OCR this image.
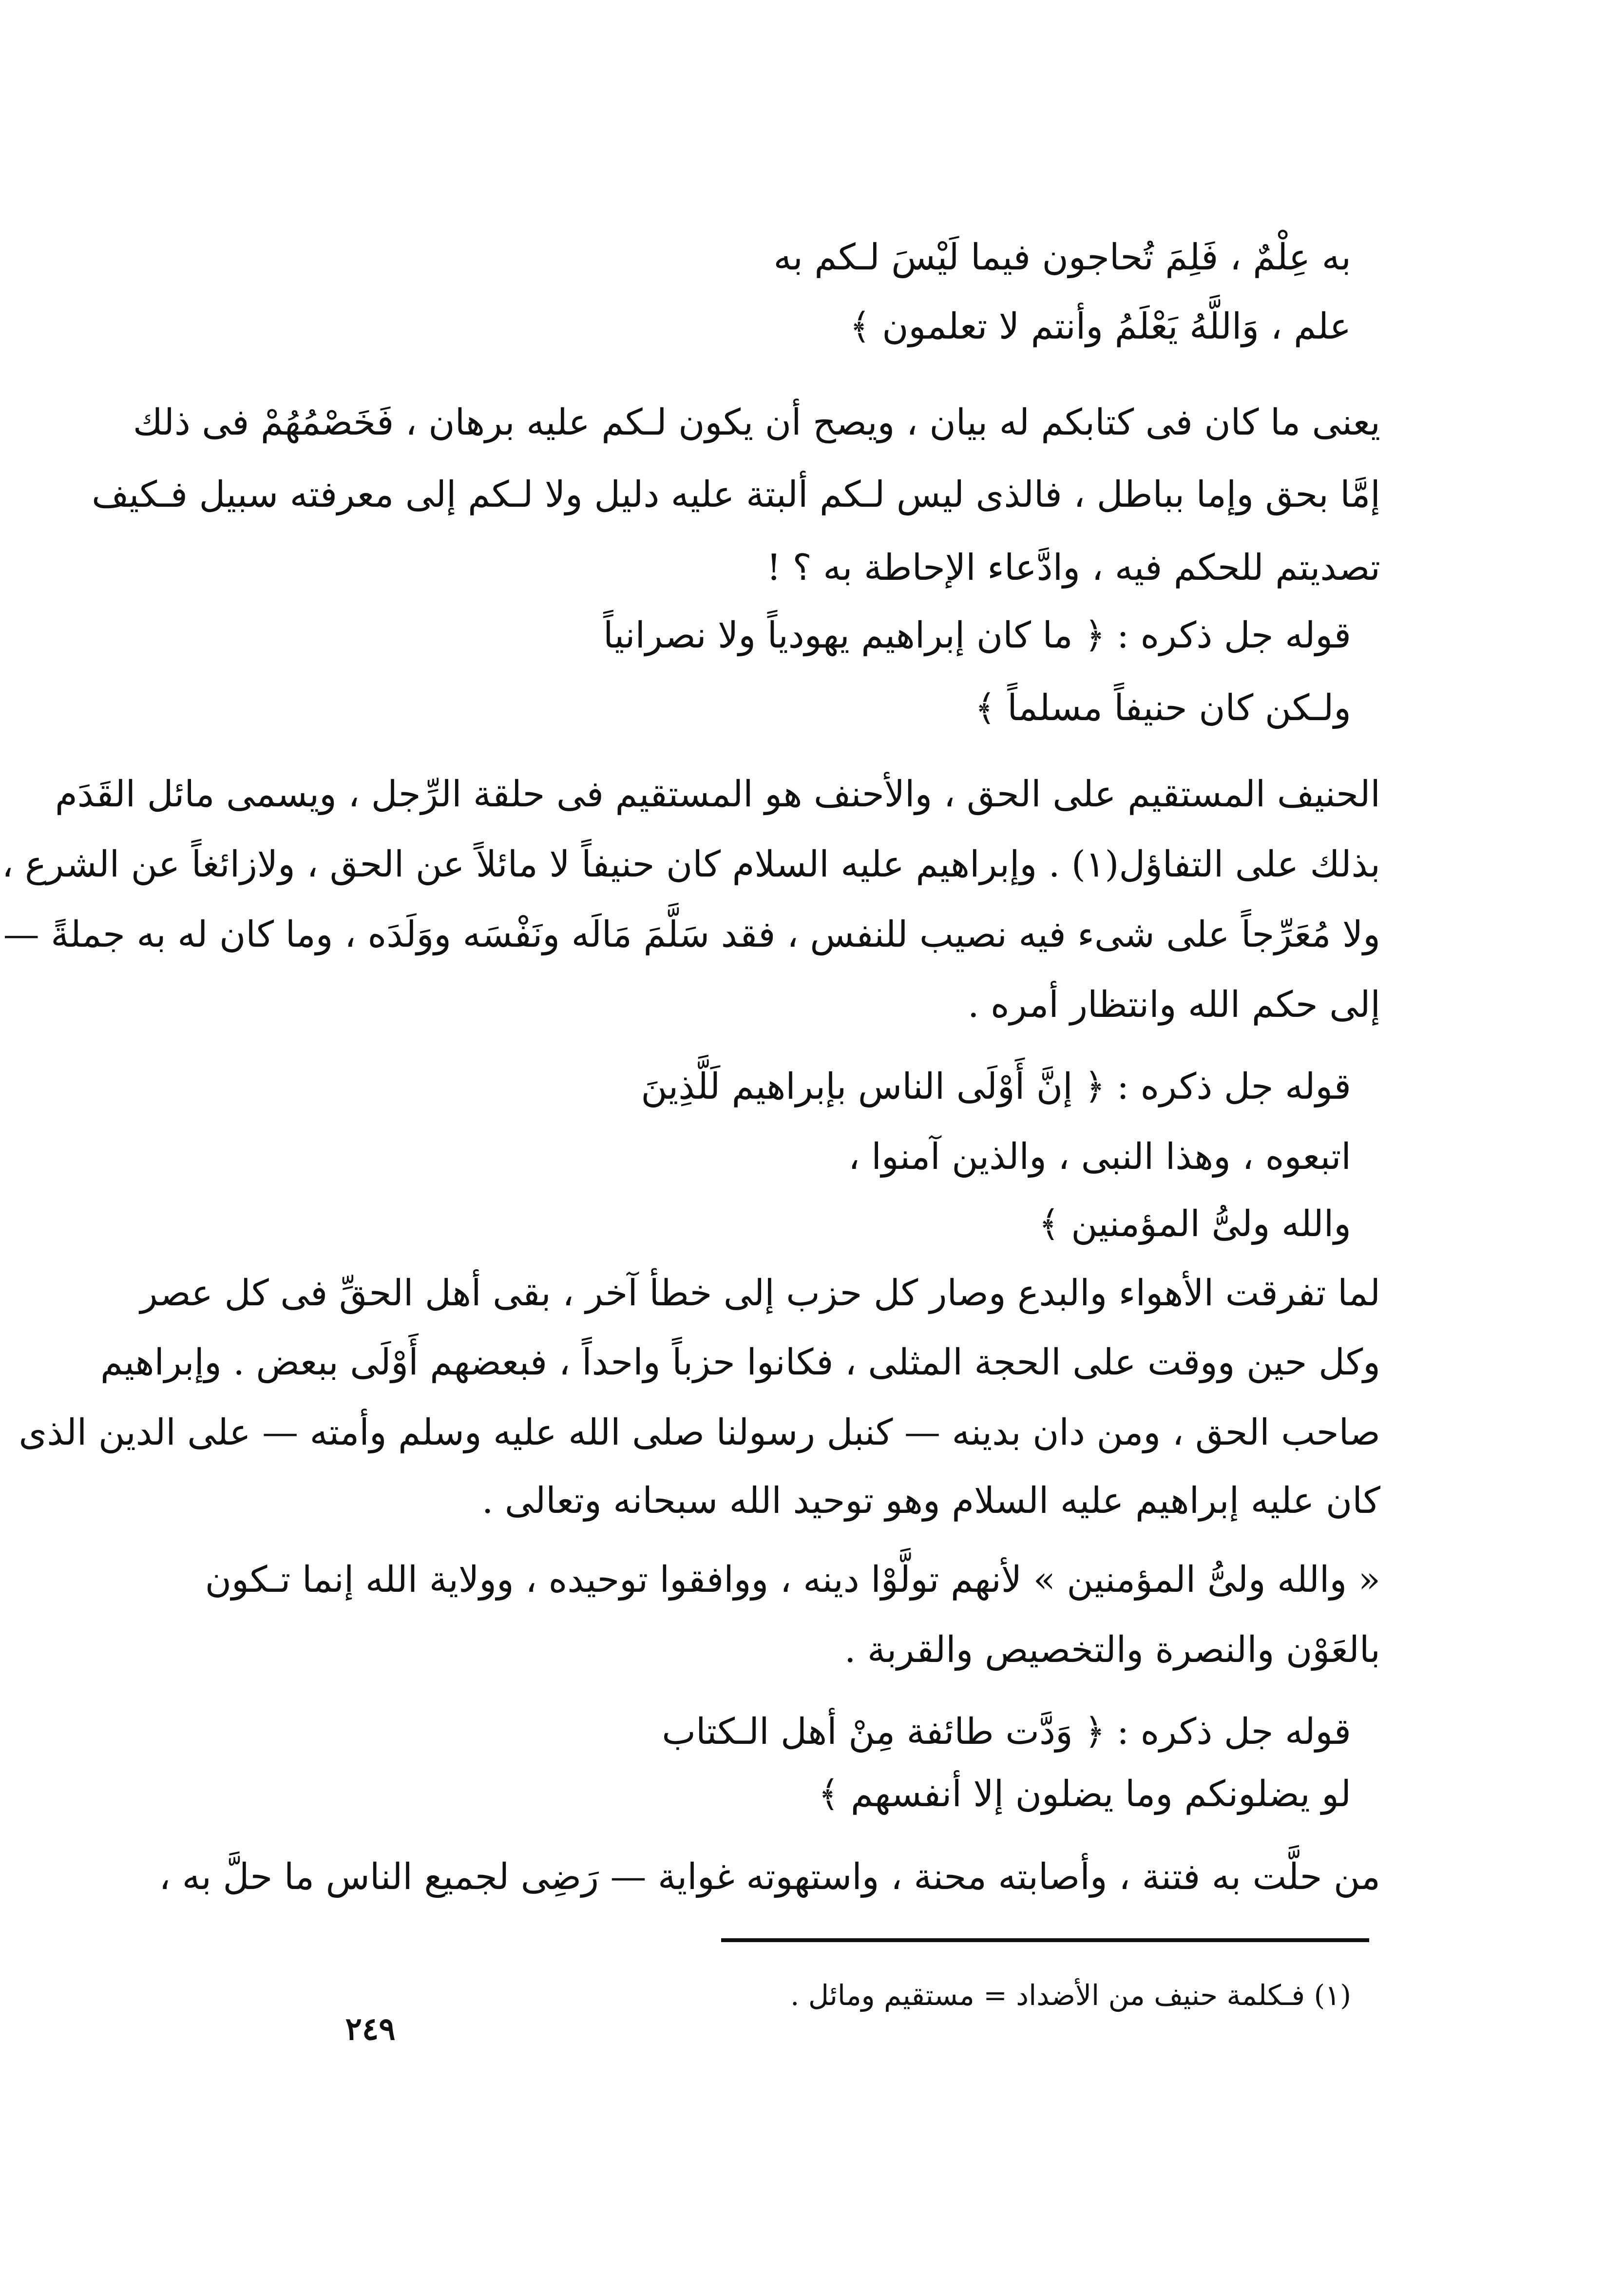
به عِلْمٌ ، فَلِمَ تُحاجون فيما لَيْسَ لـكم به
علم ، وَاللَّهُ يَعْلَمُ وأنتم لا تعلمون ﴾
يعنى ما كان فى كتابكم له بيان ، ويصح أن يكون لـكم عليه برهان ، فَخَصْمُهُمْ فى ذلك
إمَّا بحق وإما بباطل ، فالذى ليس لـكم ألبتة عليه دليل ولا لـكم إلى معرفته سبيل فـكيف
تصديتم للحكم فيه ، وادَّعاء الإحاطة به ؟ !
قوله جل ذكره : ﴿ ما كان إبراهيم يهودياً ولا نصرانياً
ولـكن كان حنيفاً مسلماً ﴾
الحنيف المستقيم على الحق ، والأحنف هو المستقيم فى حلقة الرِّجل ، ويسمى مائل القَدَم
بذلك على التفاؤل(١) . وإبراهيم عليه السلام كان حنيفاً لا مائلاً عن الحق ، ولازائغاً عن الشرع ،
ولا مُعَرِّجاً على شىء فيه نصيب للنفس ، فقد سَلَّمَ مَالَه ونَفْسَه ووَلَدَه ، وما كان له به جملةً —
إلى حكم الله وانتظار أمره .
قوله جل ذكره : ﴿ إنَّ أَوْلَى الناس بإبراهيم لَلَّذِينَ
اتبعوه ، وهذا النبى ، والذين آمنوا ،
والله ولىُّ المؤمنين ﴾
لما تفرقت الأهواء والبدع وصار كل حزب إلى خطأ آخر ، بقى أهل الحقِّ فى كل عصر
وكل حين ووقت على الحجة المثلى ، فكانوا حزباً واحداً ، فبعضهم أَوْلَى ببعض . وإبراهيم
صاحب الحق ، ومن دان بدينه — كنبل رسولنا صلى الله عليه وسلم وأمته — على الدين الذى
كان عليه إبراهيم عليه السلام وهو توحيد الله سبحانه وتعالى .
« والله ولىُّ المؤمنين » لأنهم تولَّوْا دينه ، ووافقوا توحيده ، وولاية الله إنما تـكون
بالعَوْن والنصرة والتخصيص والقربة .
قوله جل ذكره : ﴿ وَدَّت طائفة مِنْ أهل الـكتاب
لو يضلونكم وما يضلون إلا أنفسهم ﴾
من حلَّت به فتنة ، وأصابته محنة ، واستهوته غواية — رَضِى لجميع الناس ما حلَّ به ،
(١) فـكلمة حنيف من الأضداد = مستقيم ومائل .
٢٤٩
